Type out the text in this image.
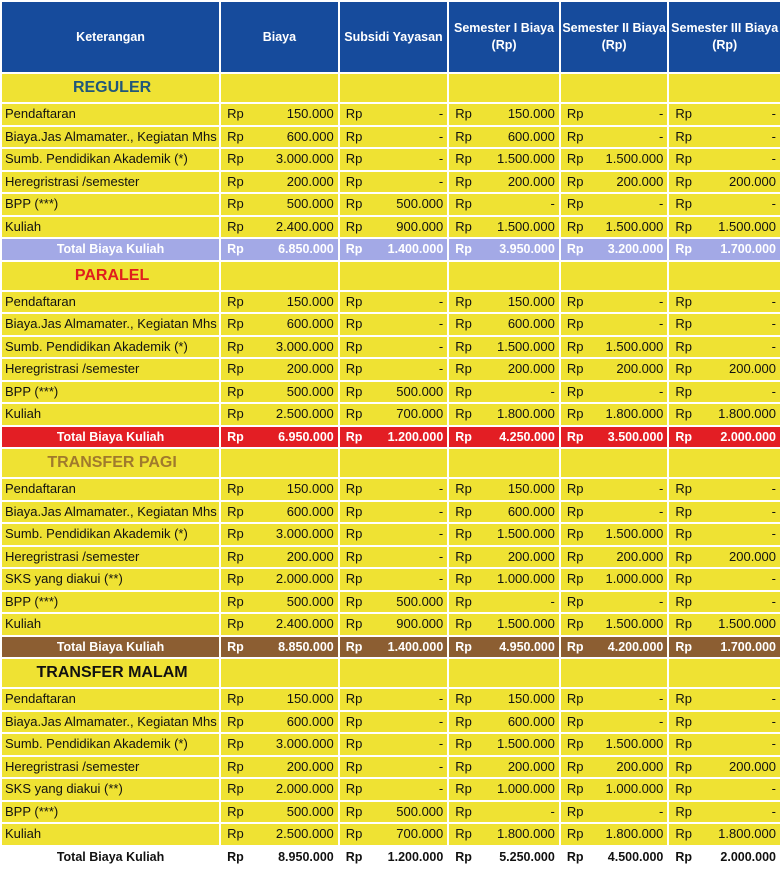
Keterangan	Biaya	Subsidi Yayasan	Semester I Biaya (Rp)	Semester II Biaya (Rp)	Semester III Biaya (Rp)
REGULER					
Pendaftaran	Rp 150.000	Rp -	Rp 150.000	Rp -	Rp -

Biaya.Jas Almamater., Kegiatan Mhs	Rp 600.000	Rp -	Rp 600.000	Rp -	Rp -

Sumb. Pendidikan Akademik (*)	Rp 3.000.000	Rp -	Rp 1.500.000	Rp 1.500.000	Rp -

Heregristrasi /semester	Rp 200.000	Rp -	Rp 200.000	Rp 200.000	Rp 200.000

BPP (***)	Rp 500.000	Rp 500.000	Rp -	Rp -	Rp -

Kuliah	Rp 2.400.000	Rp 900.000	Rp 1.500.000	Rp 1.500.000	Rp 1.500.000

Total Biaya Kuliah	Rp 6.850.000	Rp 1.400.000	Rp 3.950.000	Rp 3.200.000	Rp 1.700.000

PARALEL					
Pendaftaran	Rp 150.000	Rp -	Rp 150.000	Rp -	Rp -

Biaya.Jas Almamater., Kegiatan Mhs	Rp 600.000	Rp -	Rp 600.000	Rp -	Rp -

Sumb. Pendidikan Akademik (*)	Rp 3.000.000	Rp -	Rp 1.500.000	Rp 1.500.000	Rp -

Heregristrasi /semester	Rp 200.000	Rp -	Rp 200.000	Rp 200.000	Rp 200.000

BPP (***)	Rp 500.000	Rp 500.000	Rp -	Rp -	Rp -

Kuliah	Rp 2.500.000	Rp 700.000	Rp 1.800.000	Rp 1.800.000	Rp 1.800.000

Total Biaya Kuliah	Rp 6.950.000	Rp 1.200.000	Rp 4.250.000	Rp 3.500.000	Rp 2.000.000

TRANSFER PAGI					
Pendaftaran	Rp 150.000	Rp -	Rp 150.000	Rp -	Rp -

Biaya.Jas Almamater., Kegiatan Mhs	Rp 600.000	Rp -	Rp 600.000	Rp -	Rp -

Sumb. Pendidikan Akademik (*)	Rp 3.000.000	Rp -	Rp 1.500.000	Rp 1.500.000	Rp -

Heregristrasi /semester	Rp 200.000	Rp -	Rp 200.000	Rp 200.000	Rp 200.000

SKS yang diakui (**)	Rp 2.000.000	Rp -	Rp 1.000.000	Rp 1.000.000	Rp -

BPP (***)	Rp 500.000	Rp 500.000	Rp -	Rp -	Rp -

Kuliah	Rp 2.400.000	Rp 900.000	Rp 1.500.000	Rp 1.500.000	Rp 1.500.000

Total Biaya Kuliah	Rp 8.850.000	Rp 1.400.000	Rp 4.950.000	Rp 4.200.000	Rp 1.700.000

TRANSFER MALAM					
Pendaftaran	Rp 150.000	Rp -	Rp 150.000	Rp -	Rp -

Biaya.Jas Almamater., Kegiatan Mhs	Rp 600.000	Rp -	Rp 600.000	Rp -	Rp -

Sumb. Pendidikan Akademik (*)	Rp 3.000.000	Rp -	Rp 1.500.000	Rp 1.500.000	Rp -

Heregristrasi /semester	Rp 200.000	Rp -	Rp 200.000	Rp 200.000	Rp 200.000

SKS yang diakui (**)	Rp 2.000.000	Rp -	Rp 1.000.000	Rp 1.000.000	Rp -

BPP (***)	Rp 500.000	Rp 500.000	Rp -	Rp -	Rp -

Kuliah	Rp 2.500.000	Rp 700.000	Rp 1.800.000	Rp 1.800.000	Rp 1.800.000

Total Biaya Kuliah	Rp 8.950.000	Rp 1.200.000	Rp 5.250.000	Rp 4.500.000	Rp 2.000.000
